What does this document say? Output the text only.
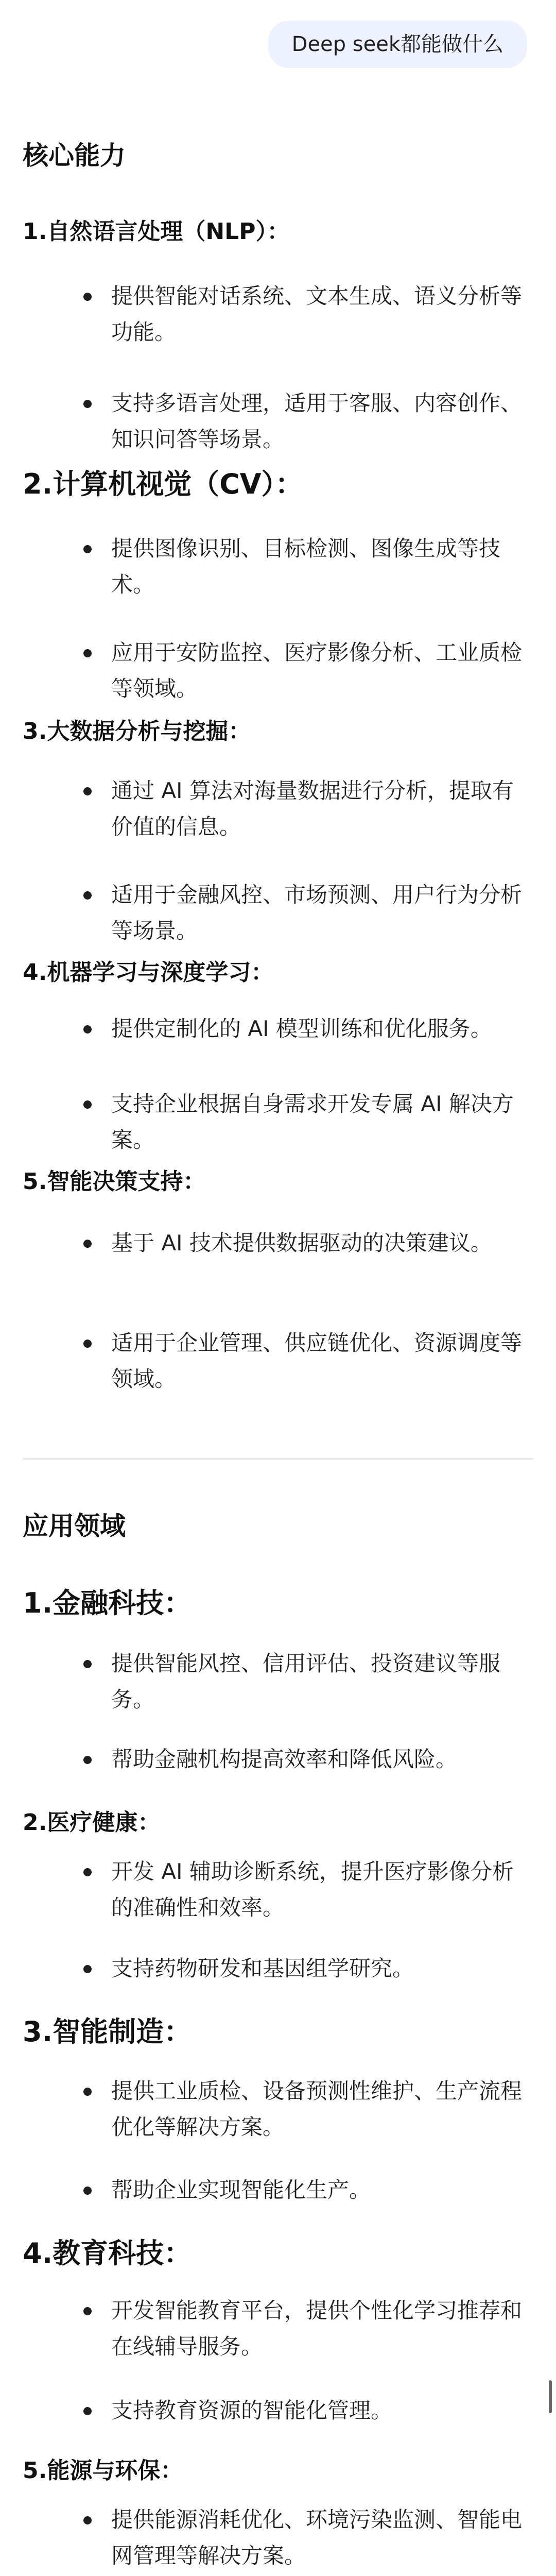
Deep seek都能做什么
核心能力
1.自然语言处理（NLP）：
提供智能对话系统、文本生成、语义分析等功能。
支持多语言处理，适用于客服、内容创作、知识问答等场景。
2.计算机视觉（CV）：
提供图像识别、目标检测、图像生成等技术。
应用于安防监控、医疗影像分析、工业质检等领域。
3.大数据分析与挖掘：
通过 AI 算法对海量数据进行分析，提取有价值的信息。
适用于金融风控、市场预测、用户行为分析等场景。
4.机器学习与深度学习：
提供定制化的 AI 模型训练和优化服务。
支持企业根据自身需求开发专属 AI 解决方案。
5.智能决策支持：
基于 AI 技术提供数据驱动的决策建议。
适用于企业管理、供应链优化、资源调度等领域。
应用领域
1.金融科技：
提供智能风控、信用评估、投资建议等服务。
帮助金融机构提高效率和降低风险。
2.医疗健康：
开发 AI 辅助诊断系统，提升医疗影像分析的准确性和效率。
支持药物研发和基因组学研究。
3.智能制造：
提供工业质检、设备预测性维护、生产流程优化等解决方案。
帮助企业实现智能化生产。
4.教育科技：
开发智能教育平台，提供个性化学习推荐和在线辅导服务。
支持教育资源的智能化管理。
5.能源与环保：
提供能源消耗优化、环境污染监测、智能电网管理等解决方案。
